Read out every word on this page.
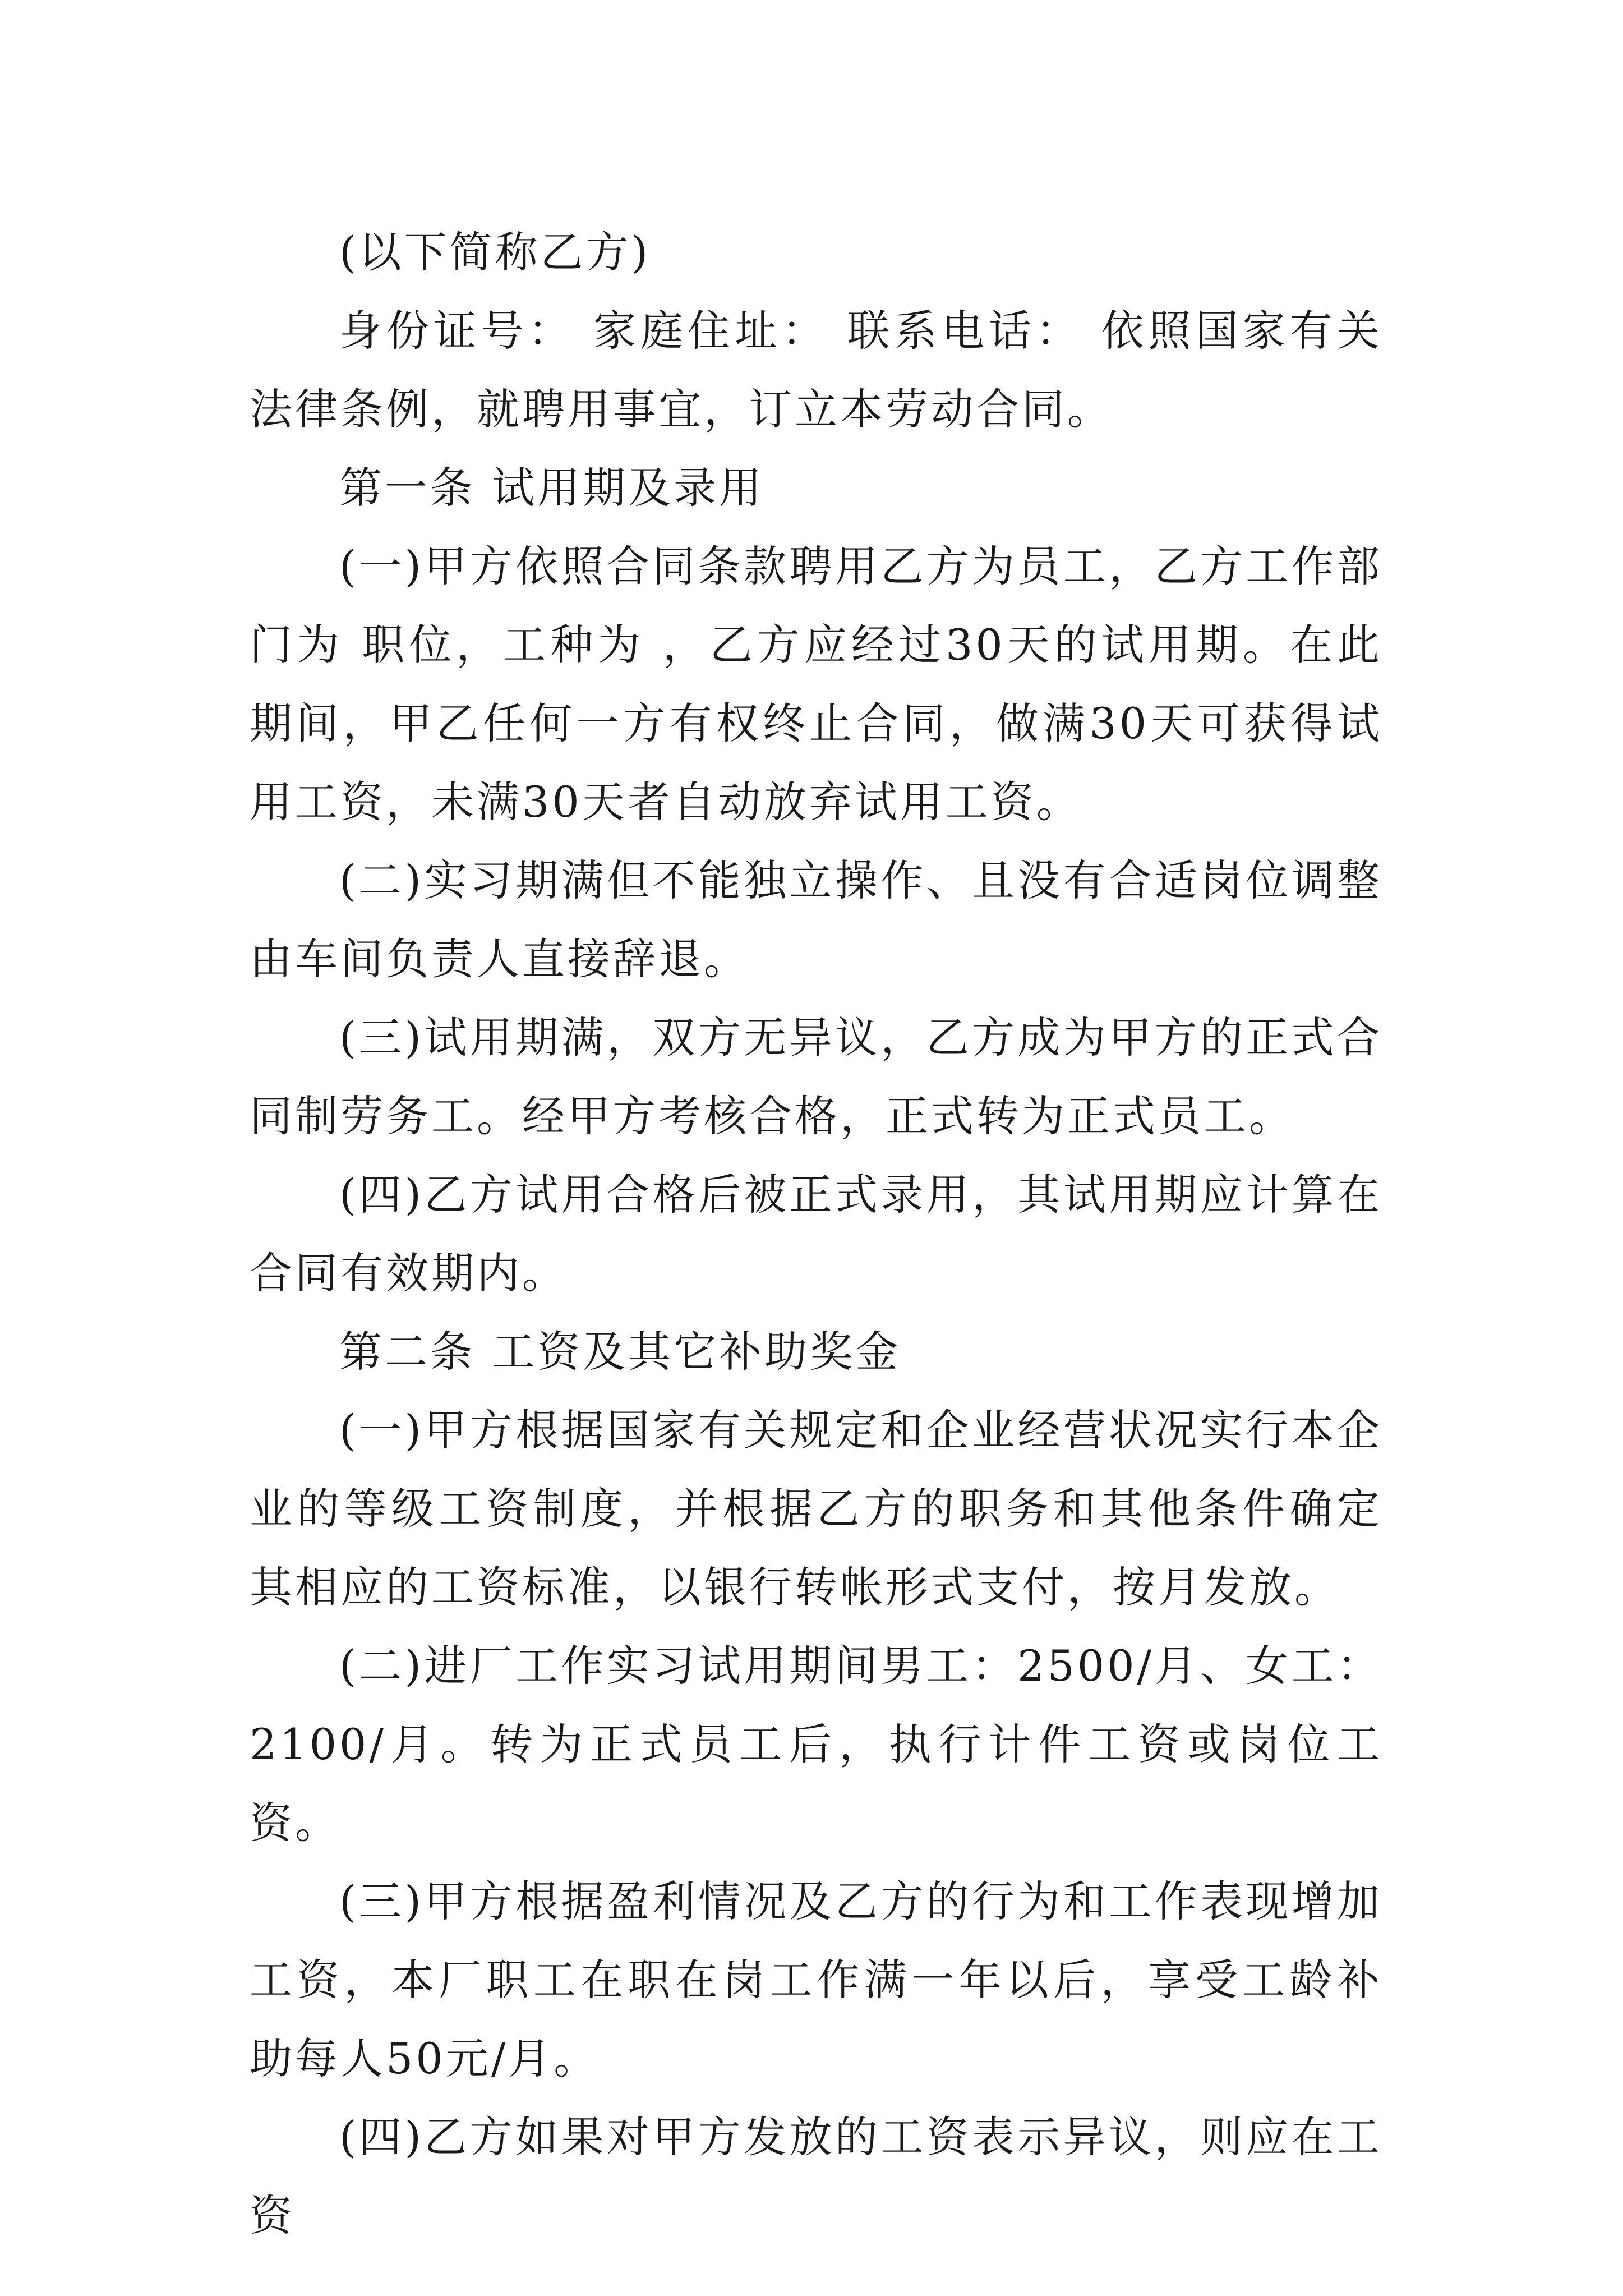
(以下简称乙方)

身份证号： 家庭住址： 联系电话： 依照国家有关法律条例，就聘用事宜，订立本劳动合同。

第一条 试用期及录用

(一)甲方依照合同条款聘用乙方为员工，乙方工作部门为 职位，工种为 ，乙方应经过30天的试用期。在此期间，甲乙任何一方有权终止合同，做满30天可获得试用工资，未满30天者自动放弃试用工资。

(二)实习期满但不能独立操作、且没有合适岗位调整由车间负责人直接辞退。

(三)试用期满，双方无异议，乙方成为甲方的正式合同制劳务工。经甲方考核合格，正式转为正式员工。

(四)乙方试用合格后被正式录用，其试用期应计算在合同有效期内。

第二条 工资及其它补助奖金

(一)甲方根据国家有关规定和企业经营状况实行本企业的等级工资制度，并根据乙方的职务和其他条件确定其相应的工资标准，以银行转帐形式支付，按月发放。

(二)进厂工作实习试用期间男工：2500/月、女工：2100/月。转为正式员工后，执行计件工资或岗位工资。

(三)甲方根据盈利情况及乙方的行为和工作表现增加工资，本厂职工在职在岗工作满一年以后，享受工龄补助每人50元/月。

(四)乙方如果对甲方发放的工资表示异议，则应在工资
